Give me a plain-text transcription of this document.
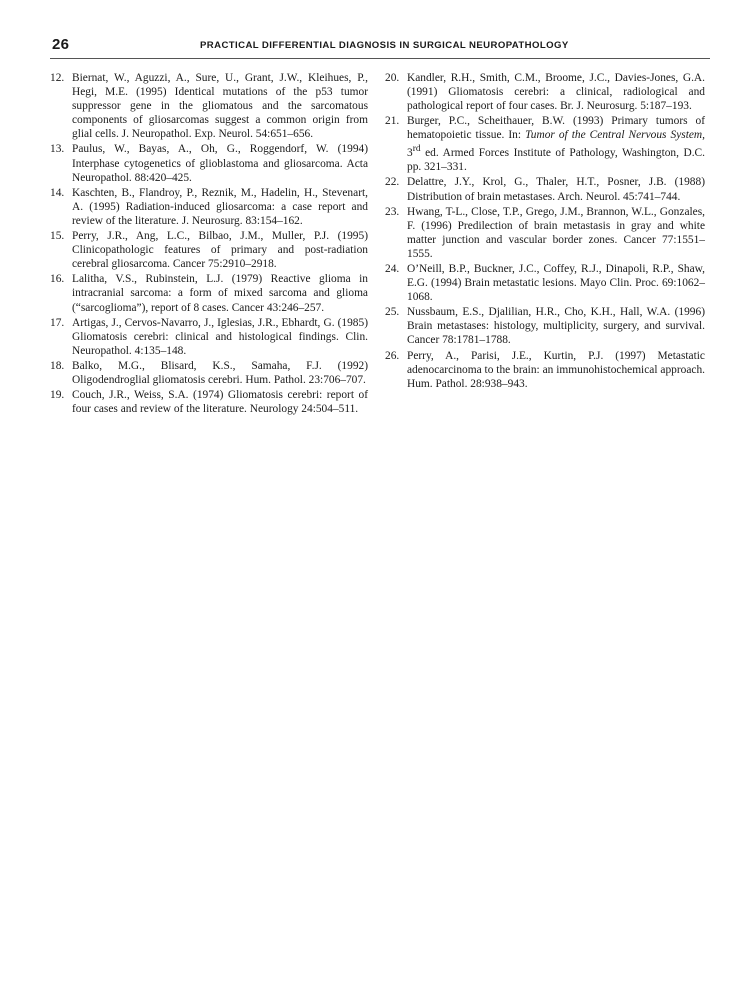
26	PRACTICAL DIFFERENTIAL DIAGNOSIS IN SURGICAL NEUROPATHOLOGY
12. Biernat, W., Aguzzi, A., Sure, U., Grant, J.W., Kleihues, P., Hegi, M.E. (1995) Identical mutations of the p53 tumor suppressor gene in the gliomatous and the sarcomatous components of gliosarcomas suggest a common origin from glial cells. J. Neuropathol. Exp. Neurol. 54:651–656.
13. Paulus, W., Bayas, A., Oh, G., Roggendorf, W. (1994) Interphase cytogenetics of glioblastoma and gliosarcoma. Acta Neuropathol. 88:420–425.
14. Kaschten, B., Flandroy, P., Reznik, M., Hadelin, H., Stevenart, A. (1995) Radiation-induced gliosarcoma: a case report and review of the literature. J. Neurosurg. 83:154–162.
15. Perry, J.R., Ang, L.C., Bilbao, J.M., Muller, P.J. (1995) Clinicopathologic features of primary and post-radiation cerebral gliosarcoma. Cancer 75:2910–2918.
16. Lalitha, V.S., Rubinstein, L.J. (1979) Reactive glioma in intracranial sarcoma: a form of mixed sarcoma and glioma (“sarcoglioma”), report of 8 cases. Cancer 43:246–257.
17. Artigas, J., Cervos-Navarro, J., Iglesias, J.R., Ebhardt, G. (1985) Gliomatosis cerebri: clinical and histological findings. Clin. Neuropathol. 4:135–148.
18. Balko, M.G., Blisard, K.S., Samaha, F.J. (1992) Oligodendroglial gliomatosis cerebri. Hum. Pathol. 23:706–707.
19. Couch, J.R., Weiss, S.A. (1974) Gliomatosis cerebri: report of four cases and review of the literature. Neurology 24:504–511.
20. Kandler, R.H., Smith, C.M., Broome, J.C., Davies-Jones, G.A. (1991) Gliomatosis cerebri: a clinical, radiological and pathological report of four cases. Br. J. Neurosurg. 5:187–193.
21. Burger, P.C., Scheithauer, B.W. (1993) Primary tumors of hematopoietic tissue. In: Tumor of the Central Nervous System, 3rd ed. Armed Forces Institute of Pathology, Washington, D.C. pp. 321–331.
22. Delattre, J.Y., Krol, G., Thaler, H.T., Posner, J.B. (1988) Distribution of brain metastases. Arch. Neurol. 45:741–744.
23. Hwang, T-L., Close, T.P., Grego, J.M., Brannon, W.L., Gonzales, F. (1996) Predilection of brain metastasis in gray and white matter junction and vascular border zones. Cancer 77:1551–1555.
24. O’Neill, B.P., Buckner, J.C., Coffey, R.J., Dinapoli, R.P., Shaw, E.G. (1994) Brain metastatic lesions. Mayo Clin. Proc. 69:1062–1068.
25. Nussbaum, E.S., Djalilian, H.R., Cho, K.H., Hall, W.A. (1996) Brain metastases: histology, multiplicity, surgery, and survival. Cancer 78:1781–1788.
26. Perry, A., Parisi, J.E., Kurtin, P.J. (1997) Metastatic adenocarcinoma to the brain: an immunohistochemical approach. Hum. Pathol. 28:938–943.
